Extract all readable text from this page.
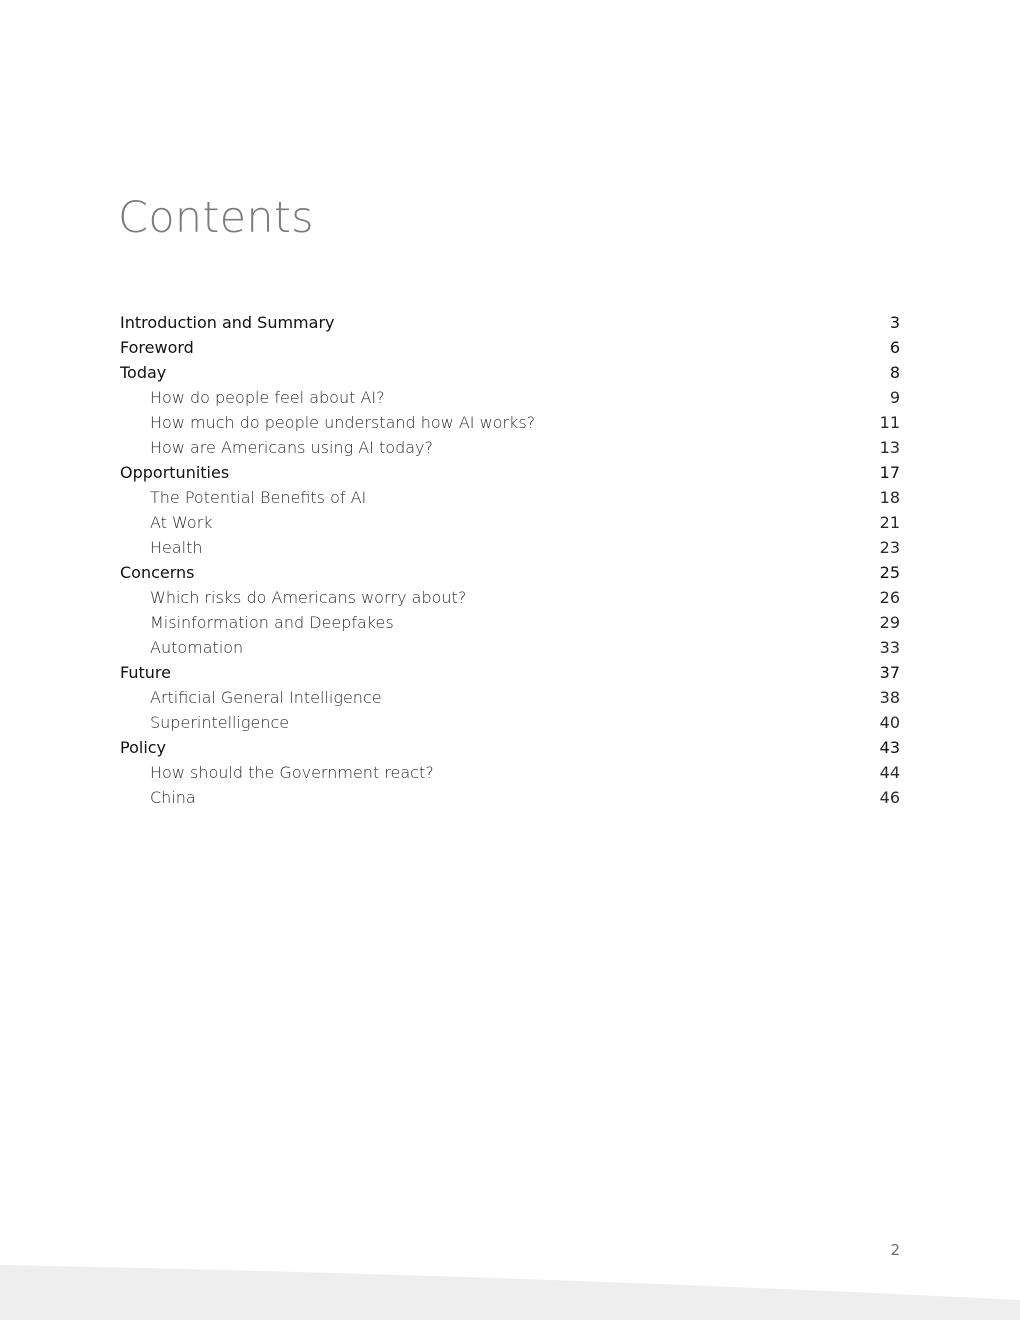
Contents
Introduction and Summary	3
Foreword	6
Today	8
How do people feel about AI?	9
How much do people understand how AI works?	11
How are Americans using AI today?	13
Opportunities	17
The Potential Benefits of AI	18
At Work	21
Health	23
Concerns	25
Which risks do Americans worry about?	26
Misinformation and Deepfakes	29
Automation	33
Future	37
Artificial General Intelligence	38
Superintelligence	40
Policy	43
How should the Government react?	44
China	46
2
